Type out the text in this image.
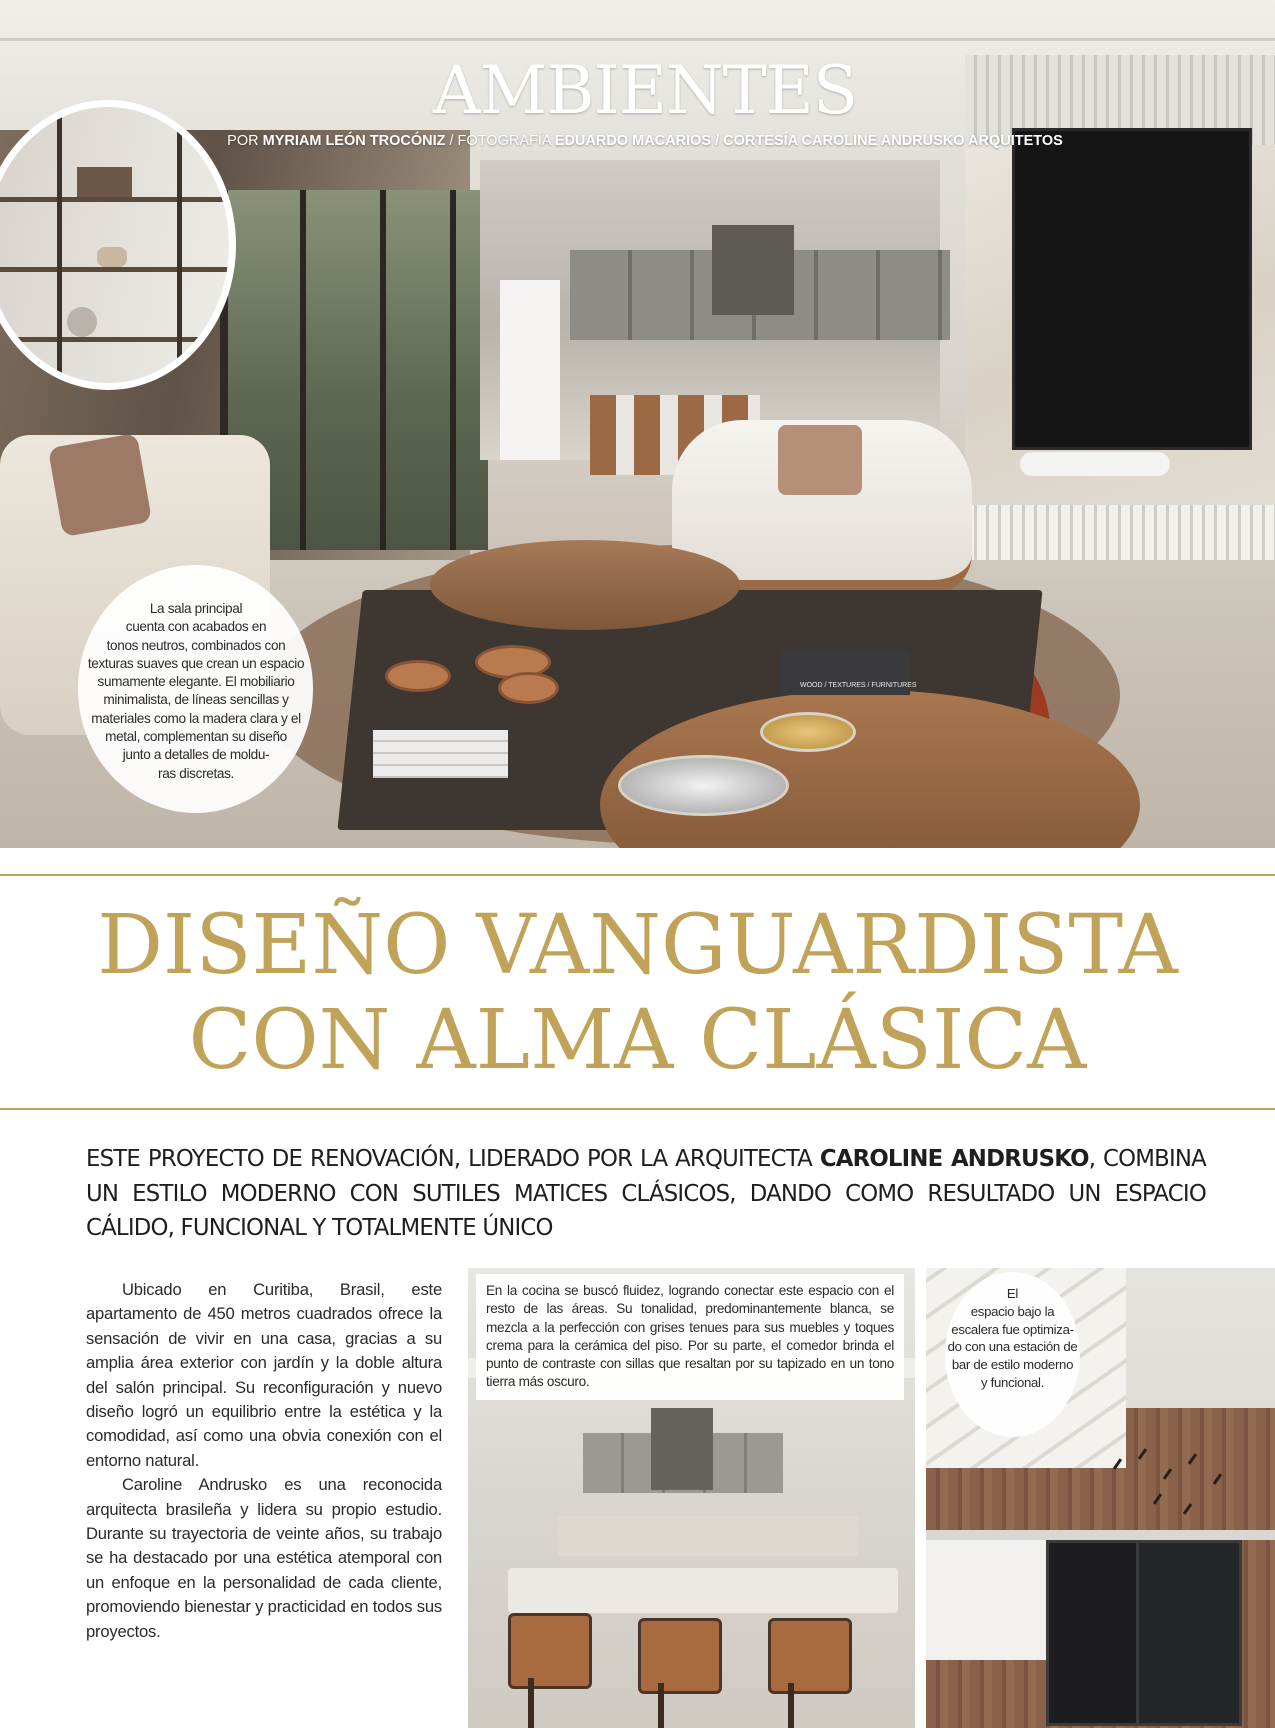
WOOD / TEXTURES / FURNITURES
La sala principal
cuenta con acabados en
tonos neutros, combinados con
texturas suaves que crean un espacio
sumamente elegante. El mobiliario
minimalista, de líneas sencillas y
materiales como la madera clara y el
metal, complementan su diseño
junto a detalles de moldu-
ras discretas.
AMBIENTES
POR MYRIAM LEÓN TROCÓNIZ / FOTOGRAFÍA EDUARDO MACARIOS / CORTESÍA CAROLINE ANDRUSKO ARQUITETOS
DISEÑO VANGUARDISTA
CON ALMA CLÁSICA
ESTE PROYECTO DE RENOVACIÓN, LIDERADO POR LA ARQUITECTA CAROLINE ANDRUSKO, COMBINA UN ESTILO MODERNO CON SUTILES MATICES CLÁSICOS, DANDO COMO RESULTADO UN ESPACIO CÁLIDO, FUNCIONAL Y TOTALMENTE ÚNICO

Ubicado en Curitiba, Brasil, este apartamento de 450 metros cuadrados ofrece la sensación de vivir en una casa, gracias a su amplia área exterior con jardín y la doble altura del salón principal. Su reconfiguración y nuevo diseño logró un equilibrio entre la estética y la comodidad, así como una obvia conexión con el entorno natural.

Caroline Andrusko es una reconocida arquitecta brasileña y lidera su propio estudio. Durante su trayectoria de veinte años, su trabajo se ha destacado por una estética atemporal con un enfoque en la personalidad de cada cliente, promoviendo bienestar y practicidad en todos sus proyectos.

En la cocina se buscó fluidez, logrando conectar este espacio con el resto de las áreas. Su tonalidad, predominantemente blanca, se mezcla a la perfección con grises tenues para sus muebles y toques crema para la cerámica del piso. Por su parte, el comedor brinda el punto de contraste con sillas que resaltan por su tapizado en un tono tierra más oscuro.
El
espacio bajo la
escalera fue optimiza-
do con una estación de
bar de estilo moderno
y funcional.
